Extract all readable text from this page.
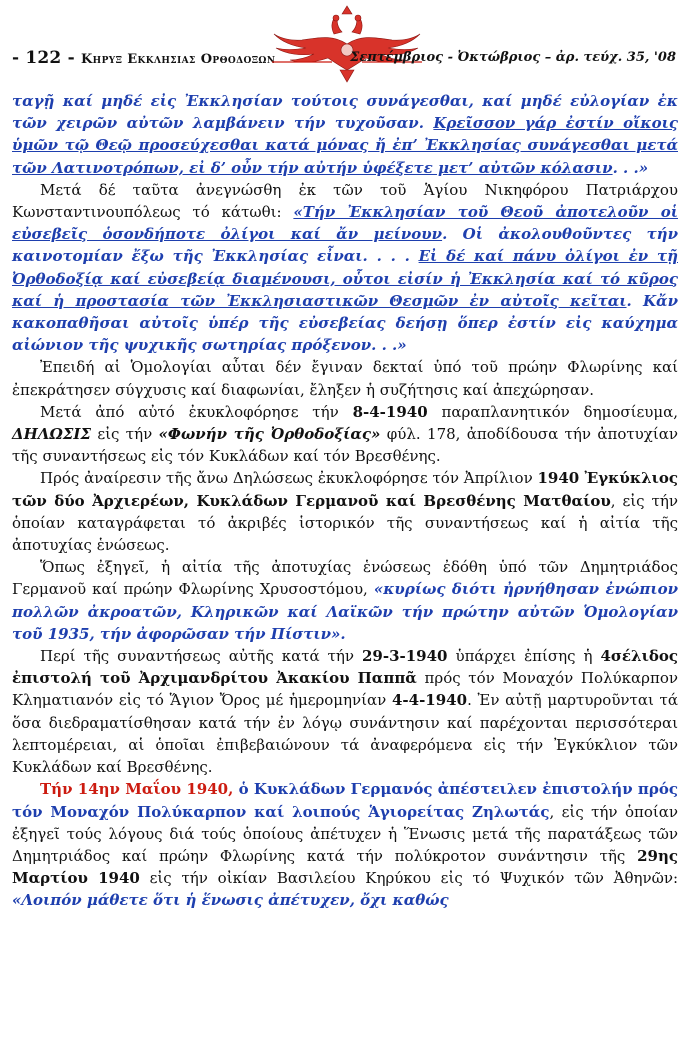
- 122 - Κηρυξ Εκκλησιας Ορθοδοξων	Σεπτέμβριος - Ὀκτώβριος – ἀρ. τεύχ. 35, '08

ταγῇ καί μηδέ εἰς Ἐκκλησίαν τούτοις συνάγεσθαι, καί μηδέ εὐλογίαν ἐκ τῶν χειρῶν αὐτῶν λαμβάνειν τήν τυχοῦσαν. Κρεῖσσον γάρ ἐστίν οἴκοις ὑμῶν τῷ Θεῷ προσεύχεσθαι κατά μόνας ἤ ἐπ’ Ἐκκλησίας συνάγεσθαι μετά τῶν Λατινοτρόπων, εἰ δ’ οὖν τήν αὐτήν ὑφέξετε μετ’ αὐτῶν κόλασιν. . .»

Μετά δέ ταῦτα ἀνεγνώσθη ἐκ τῶν τοῦ Ἁγίου Νικηφόρου Πατριάρχου Κωνσταντινουπόλεως τό κάτωθι: «Τήν Ἐκκλησίαν τοῦ Θεοῦ ἀποτελοῦν οἱ εὐσεβεῖς ὁσονδήποτε ὀλίγοι καί ἄν μείνουν. Οἱ ἀκολουθοῦντες τήν καινοτομίαν ἔξω τῆς Ἐκκλησίας εἶναι. . . . Εἰ δέ καί πάνυ ὀλίγοι ἐν τῇ Ὀρθοδοξίᾳ καί εὐσεβείᾳ διαμένουσι, οὗτοι εἰσίν ἡ Ἐκκλησία καί τό κῦρος καί ἡ προστασία τῶν Ἐκκλησιαστικῶν Θεσμῶν ἐν αὐτοῖς κεῖται. Κἄν κακοπαθῆσαι αὐτοῖς ὑπέρ τῆς εὐσεβείας δεήσῃ ὅπερ ἐστίν εἰς καύχημα αἰώνιον τῆς ψυχικῆς σωτηρίας πρόξενον. . .»

Ἐπειδή αἱ Ὁμολογίαι αὗται δέν ἔγιναν δεκταί ὑπό τοῦ πρώην Φλωρίνης καί ἐπεκράτησεν σύγχυσις καί διαφωνίαι, ἔληξεν ἡ συζήτησις καί ἀπεχώρησαν.

Μετά ἀπό αὐτό ἐκυκλοφόρησε τήν 8-4-1940 παραπλανητικόν δημοσίευμα, ΔΗΛΩΣΙΣ εἰς τήν «Φωνήν τῆς Ὀρθοδοξίας» φύλ. 178, ἀποδίδουσα τήν ἀποτυχίαν τῆς συναντήσεως εἰς τόν Κυκλάδων καί τόν Βρεσθένης.

Πρός ἀναίρεσιν τῆς ἄνω Δηλώσεως ἐκυκλοφόρησε τόν Ἀπρίλιον 1940 Ἐγκύκλιος τῶν δύο Ἀρχιερέων, Κυκλάδων Γερμανοῦ καί Βρεσθένης Ματθαίου, εἰς τήν ὁποίαν καταγράφεται τό ἀκριβές ἱστορικόν τῆς συναντήσεως καί ἡ αἰτία τῆς ἀποτυχίας ἑνώσεως.

Ὅπως ἐξηγεῖ, ἡ αἰτία τῆς ἀποτυχίας ἑνώσεως ἐδόθη ὑπό τῶν Δημητριάδος Γερμανοῦ καί πρώην Φλωρίνης Χρυσοστόμου, «κυρίως διότι ἠρνήθησαν ἐνώπιον πολλῶν ἀκροατῶν, Κληρικῶν καί Λαϊκῶν τήν πρώτην αὐτῶν Ὁμολογίαν τοῦ 1935, τήν ἀφορῶσαν τήν Πίστιν».

Περί τῆς συναντήσεως αὐτῆς κατά τήν 29-3-1940 ὑπάρχει ἐπίσης ἡ 4σέλιδος ἐπιστολή τοῦ Ἀρχιμανδρίτου Ἀκακίου Παππᾶ πρός τόν Μοναχόν Πολύκαρπον Κληματιανόν εἰς τό Ἅγιον Ὄρος μέ ἡμερομηνίαν 4-4-1940. Ἐν αὐτῇ μαρτυροῦνται τά ὅσα διεδραματίσθησαν κατά τήν ἐν λόγῳ συνάντησιν καί παρέχονται περισσότεραι λεπτομέρειαι, αἱ ὁποῖαι ἐπιβεβαιώνουν τά ἀναφερόμενα εἰς τήν Ἐγκύκλιον τῶν Κυκλάδων καί Βρεσθένης.

Τήν 14ην Μαΐου 1940, ὁ Κυκλάδων Γερμανός ἀπέστειλεν ἐπιστολήν πρός τόν Μοναχόν Πολύκαρπον καί λοιπούς Ἁγιορείτας Ζηλωτάς, εἰς τήν ὁποίαν ἐξηγεῖ τούς λόγους διά τούς ὁποίους ἀπέτυχεν ἡ Ἕνωσις μετά τῆς παρατάξεως τῶν Δημητριάδος καί πρώην Φλωρίνης κατά τήν πολύκροτον συνάντησιν τῆς 29ης Μαρτίου 1940 εἰς τήν οἰκίαν Βασιλείου Κηρύκου εἰς τό Ψυχικόν τῶν Ἀθηνῶν: «Λοιπόν μάθετε ὅτι ἡ ἕνωσις ἀπέτυχεν, ὄχι καθώς
